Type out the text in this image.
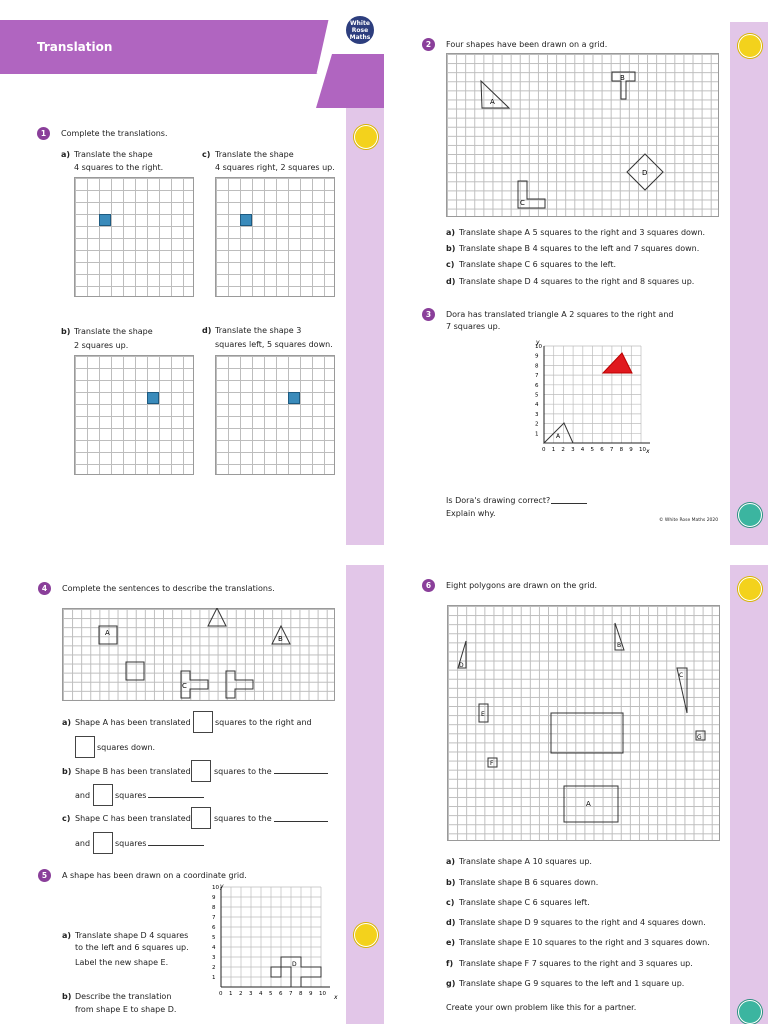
Translation
White
Rose
Maths
1	Complete the translations.
a) Translate the shape
4 squares to the right.
c) Translate the shape
4 squares right, 2 squares up.
b) Translate the shape
2 squares up.
d) Translate the shape 3
squares left, 5 squares down.
2	Four shapes have been drawn on a grid.
A
B
C
D
a) Translate shape A 5 squares to the right and 3 squares down.
b) Translate shape B 4 squares to the left and 7 squares down.
c) Translate shape C 6 squares to the left.
d) Translate shape D 4 squares to the right and 8 squares up.
3	Dora has translated triangle A 2 squares to the right and
7 squares up.
x
y
0 1
1
2
2
3
3
4
4
5
5
6
6
7
7
8
8
9
9
10
10
A
Is Dora's drawing correct?
Explain why.
© White Rose Maths 2020
4	Complete the sentences to describe the translations.
A
B
C
a) Shape A has been translated	squares to the right and
squares down.
b) Shape B has been translated	squares to the
and	squares
c) Shape C has been translated	squares to the
and	squares
5	A shape has been drawn on a coordinate grid.
a) Translate shape D 4 squares
to the left and 6 squares up.
Label the new shape E.
b) Describe the translation
from shape E to shape D.
x
y
0 1
1
2
2
3
3
4
4
5
5
6
6
7
7
8
8
9
9
10
10
D
6	Eight polygons are drawn on the grid.
A
B
C
D
E
F
G
a) Translate shape A 10 squares up.
b) Translate shape B 6 squares down.
c) Translate shape C 6 squares left.
d) Translate shape D 9 squares to the right and 4 squares down.
e) Translate shape E 10 squares to the right and 3 squares down.
f) Translate shape F 7 squares to the right and 3 squares up.
g) Translate shape G 9 squares to the left and 1 square up.
Create your own problem like this for a partner.
